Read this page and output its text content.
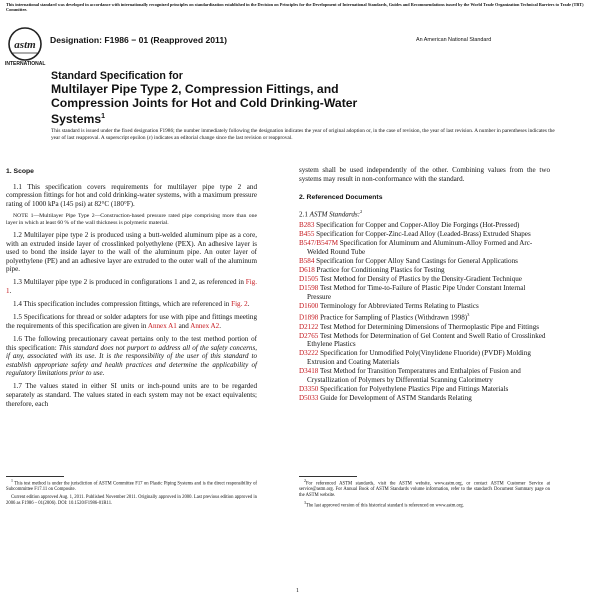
This international standard was developed in accordance with internationally recognized principles on standardization established in the Decision on Principles for the Development of International Standards, Guides and Recommendations issued by the World Trade Organization Technical Barriers to Trade (TBT) Committee.
astm
INTERNATIONAL
Designation: F1986 − 01 (Reapproved 2011)	An American National Standard
Standard Specification for
Multilayer Pipe Type 2, Compression Fittings, and
Compression Joints for Hot and Cold Drinking-Water
Systems$^1$
This standard is issued under the fixed designation F1986; the number immediately following the designation indicates the year of original adoption or, in the case of revision, the year of last revision. A number in parentheses indicates the year of last reapproval. A superscript epsilon (ε) indicates an editorial change since the last revision or reapproval.
1. Scope

1.1 This specification covers requirements for multilayer pipe type 2 and compression fittings for hot and cold drinking-water systems, with a maximum pressure rating of 1000 kPa (145 psi) at 82°C (180°F).

NOTE 1—Multilayer Pipe Type 2—Construction-based pressure rated pipe comprising more than one layer in which at least 60 % of the wall thickness is polymeric material.

1.2 Multilayer pipe type 2 is produced using a butt-welded aluminum pipe as a core, with an extruded inside layer of crosslinked polyethylene (PEX). An adhesive layer is used to bond the inside layer to the wall of the aluminum pipe. An outer layer of polyethylene (PE) and an adhesive layer are extruded to the outer wall of the aluminum pipe.

1.3 Multilayer pipe type 2 is produced in configurations 1 and 2, as referenced in Fig. 1.

1.4 This specification includes compression fittings, which are referenced in Fig. 2.

1.5 Specifications for thread or solder adapters for use with pipe and fittings meeting the requirements of this specification are given in Annex A1 and Annex A2.

1.6 The following precautionary caveat pertains only to the test method portion of this specification: This standard does not purport to address all of the safety concerns, if any, associated with its use. It is the responsibility of the user of this standard to establish appropriate safety and health practices and determine the applicability of regulatory limitations prior to use.

1.7 The values stated in either SI units or inch-pound units are to be regarded separately as standard. The values stated in each system may not be exact equivalents; therefore, each

system shall be used independently of the other. Combining values from the two systems may result in non-conformance with the standard.

2. Referenced Documents
2.1 ASTM Standards:$^2$
B283 Specification for Copper and Copper-Alloy Die Forgings (Hot-Pressed)
B455 Specification for Copper-Zinc-Lead Alloy (Leaded-Brass) Extruded Shapes
B547/B547M Specification for Aluminum and Aluminum-Alloy Formed and Arc-Welded Round Tube
B584 Specification for Copper Alloy Sand Castings for General Applications
D618 Practice for Conditioning Plastics for Testing
D1505 Test Method for Density of Plastics by the Density-Gradient Technique
D1598 Test Method for Time-to-Failure of Plastic Pipe Under Constant Internal Pressure
D1600 Terminology for Abbreviated Terms Relating to Plastics
D1898 Practice for Sampling of Plastics (Withdrawn 1998)$^3$
D2122 Test Method for Determining Dimensions of Thermoplastic Pipe and Fittings
D2765 Test Methods for Determination of Gel Content and Swell Ratio of Crosslinked Ethylene Plastics
D3222 Specification for Unmodified Poly(Vinylidene Fluoride) (PVDF) Molding Extrusion and Coating Materials
D3418 Test Method for Transition Temperatures and Enthalpies of Fusion and Crystallization of Polymers by Differential Scanning Calorimetry
D3350 Specification for Polyethylene Plastics Pipe and Fittings Materials
D5033 Guide for Development of ASTM Standards Relating

$^1$ This test method is under the jurisdiction of ASTM Committee F17 on Plastic Piping Systems and is the direct responsibility of Subcommittee F17.11 on Composite.

Current edition approved Aug. 1, 2011. Published November 2011. Originally approved in 2000. Last previous edition approved in 2006 as F1986 – 01(2006). DOI: 10.1520/F1986-01R11.

$^2$For referenced ASTM standards, visit the ASTM website, www.astm.org, or contact ASTM Customer Service at service@astm.org. For Annual Book of ASTM Standards volume information, refer to the standard's Document Summary page on the ASTM website.

$^3$The last approved version of this historical standard is referenced on www.astm.org.

1
